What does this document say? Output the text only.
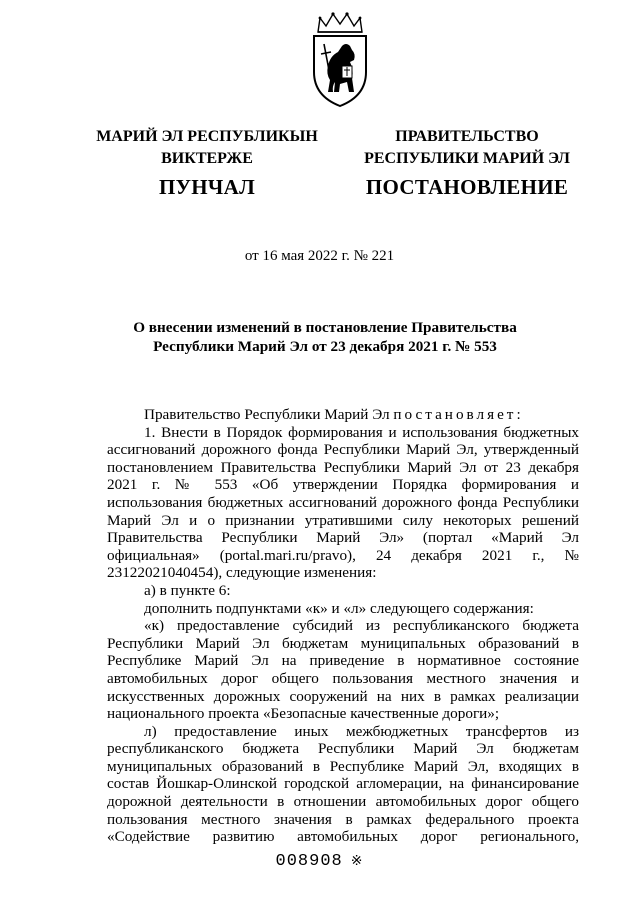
МАРИЙ ЭЛ РЕСПУБЛИКЫН
ВИКТЕРЖЕ
ПУНЧАЛ
ПРАВИТЕЛЬСТВО
РЕСПУБЛИКИ МАРИЙ ЭЛ
ПОСТАНОВЛЕНИЕ
от 16 мая 2022 г. № 221
О внесении изменений в постановление Правительства
Республики Марий Эл от 23 декабря 2021 г. № 553

Правительство Республики Марий Эл постановляет:

1. Внести в Порядок формирования и использования бюджетных ассигнований дорожного фонда Республики Марий Эл, утвержденный постановлением Правительства Республики Марий Эл от 23 декабря 2021 г. № 553 «Об утверждении Порядка формирования и использования бюджетных ассигнований дорожного фонда Республики Марий Эл и о признании утратившими силу некоторых решений Правительства Республики Марий Эл» (портал «Марий Эл официальная» (portal.mari.ru/pravo), 24 декабря 2021 г., № 23122021040454), следующие изменения:

а) в пункте 6:

дополнить подпунктами «к» и «л» следующего содержания:

«к) предоставление субсидий из республиканского бюджета Республики Марий Эл бюджетам муниципальных образований в Республике Марий Эл на приведение в нормативное состояние автомобильных дорог общего пользования местного значения и искусственных дорожных сооружений на них в рамках реализации национального проекта «Безопасные качественные дороги»;

л) предоставление иных межбюджетных трансфертов из республиканского бюджета Республики Марий Эл бюджетам муниципальных образований в Республике Марий Эл, входящих в состав Йошкар-Олинской городской агломерации, на финансирование дорожной деятельности в отношении автомобильных дорог общего пользования местного значения в рамках федерального проекта «Содействие развитию автомобильных дорог регионального,

008908 ※
